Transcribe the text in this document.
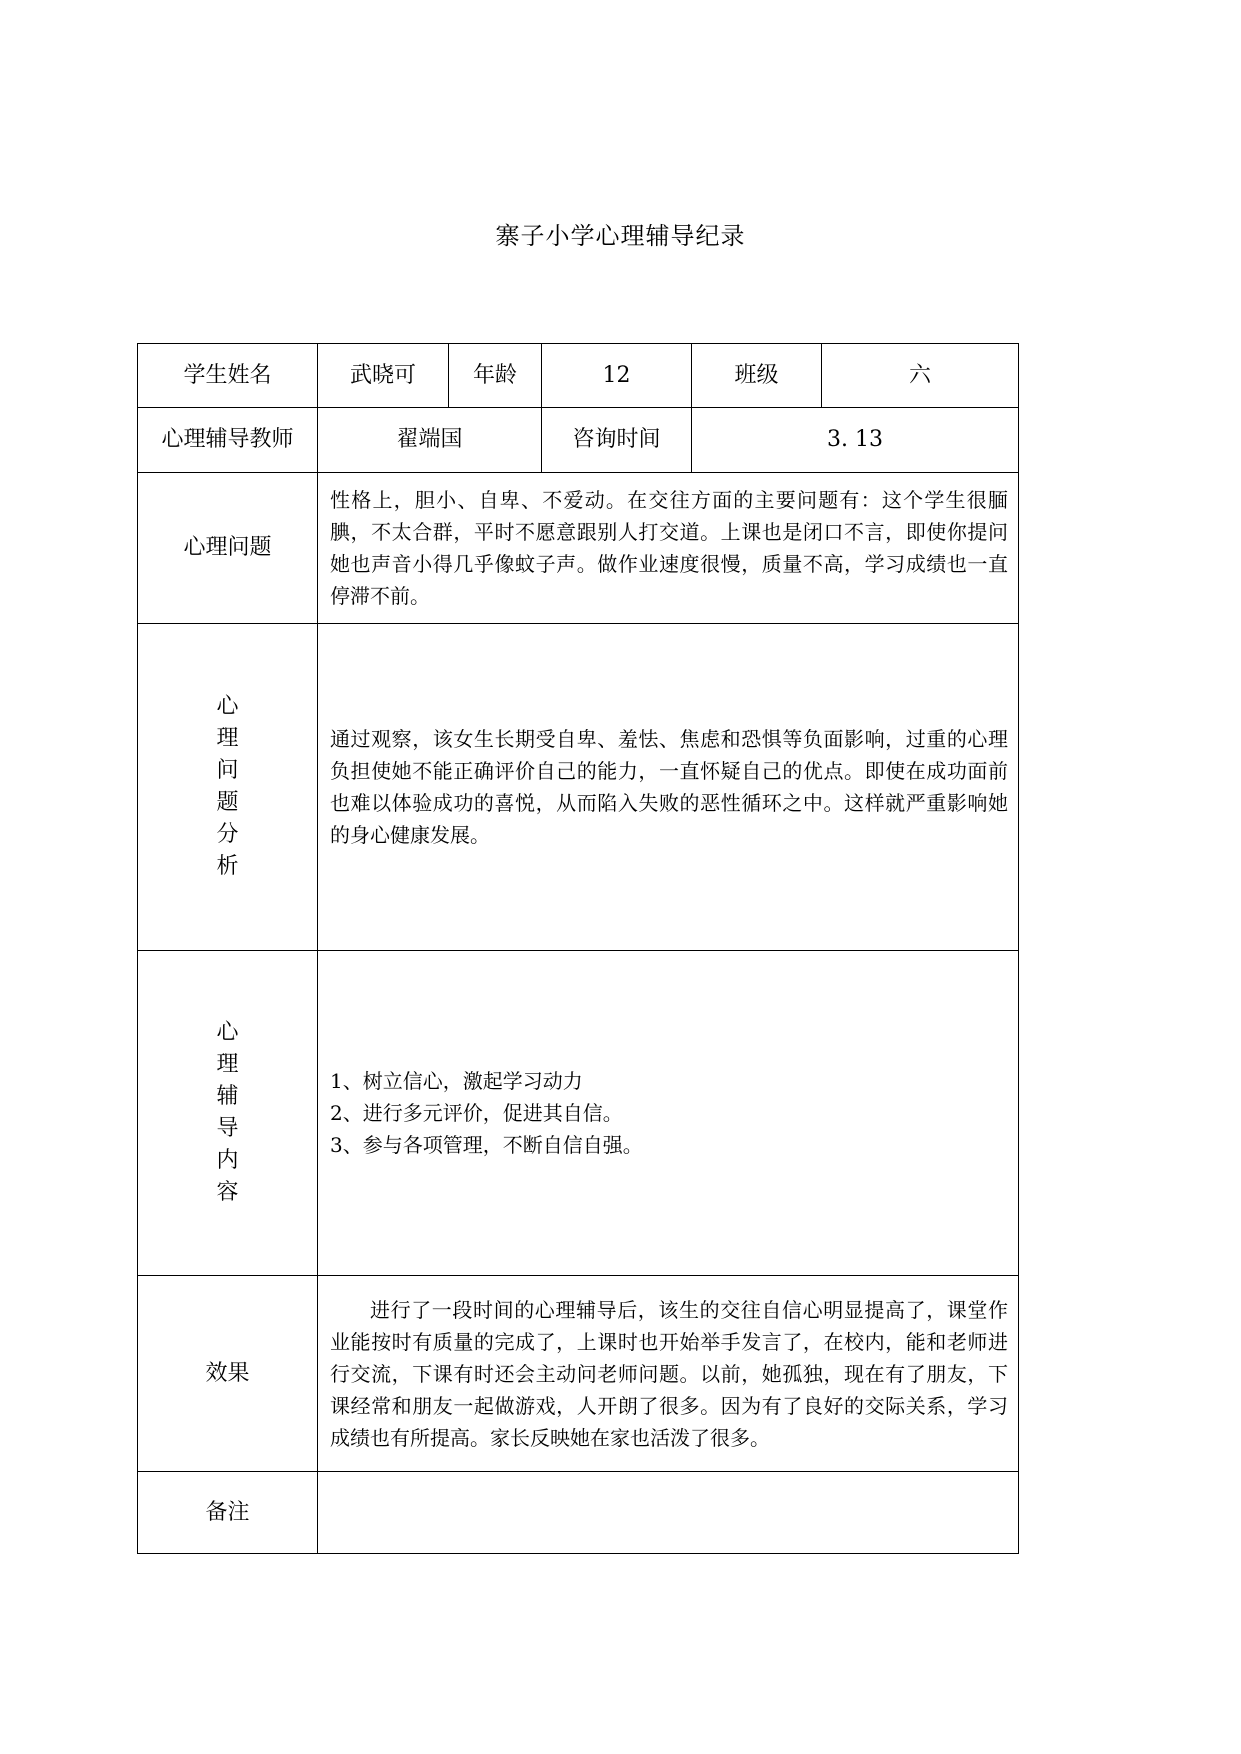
寨子小学心理辅导纪录
学生姓名	武晓可	年龄	12	班级	六
心理辅导教师	翟端国		咨询时间	3. 13	
心理问题	性格上，胆小、自卑、不爱动。在交往方面的主要问题有：这个学生很腼腆，不太合群，平时不愿意跟别人打交道。上课也是闭口不言，即使你提问她也声音小得几乎像蚊子声。做作业速度很慢，质量不高，学习成绩也一直停滞不前。				
心理问题分析	通过观察，该女生长期受自卑、羞怯、焦虑和恐惧等负面影响，过重的心理负担使她不能正确评价自己的能力，一直怀疑自己的优点。即使在成功面前也难以体验成功的喜悦，从而陷入失败的恶性循环之中。这样就严重影响她的身心健康发展。				
心理辅导内容	1、树立信心，激起学习动力
2、进行多元评价，促进其自信。
3、参与各项管理，不断自信自强。				

效果	进行了一段时间的心理辅导后，该生的交往自信心明显提高了，课堂作业能按时有质量的完成了，上课时也开始举手发言了，在校内，能和老师进行交流，下课有时还会主动问老师问题。以前，她孤独，现在有了朋友，下课经常和朋友一起做游戏，人开朗了很多。因为有了良好的交际关系，学习成绩也有所提高。家长反映她在家也活泼了很多。				
备注					
